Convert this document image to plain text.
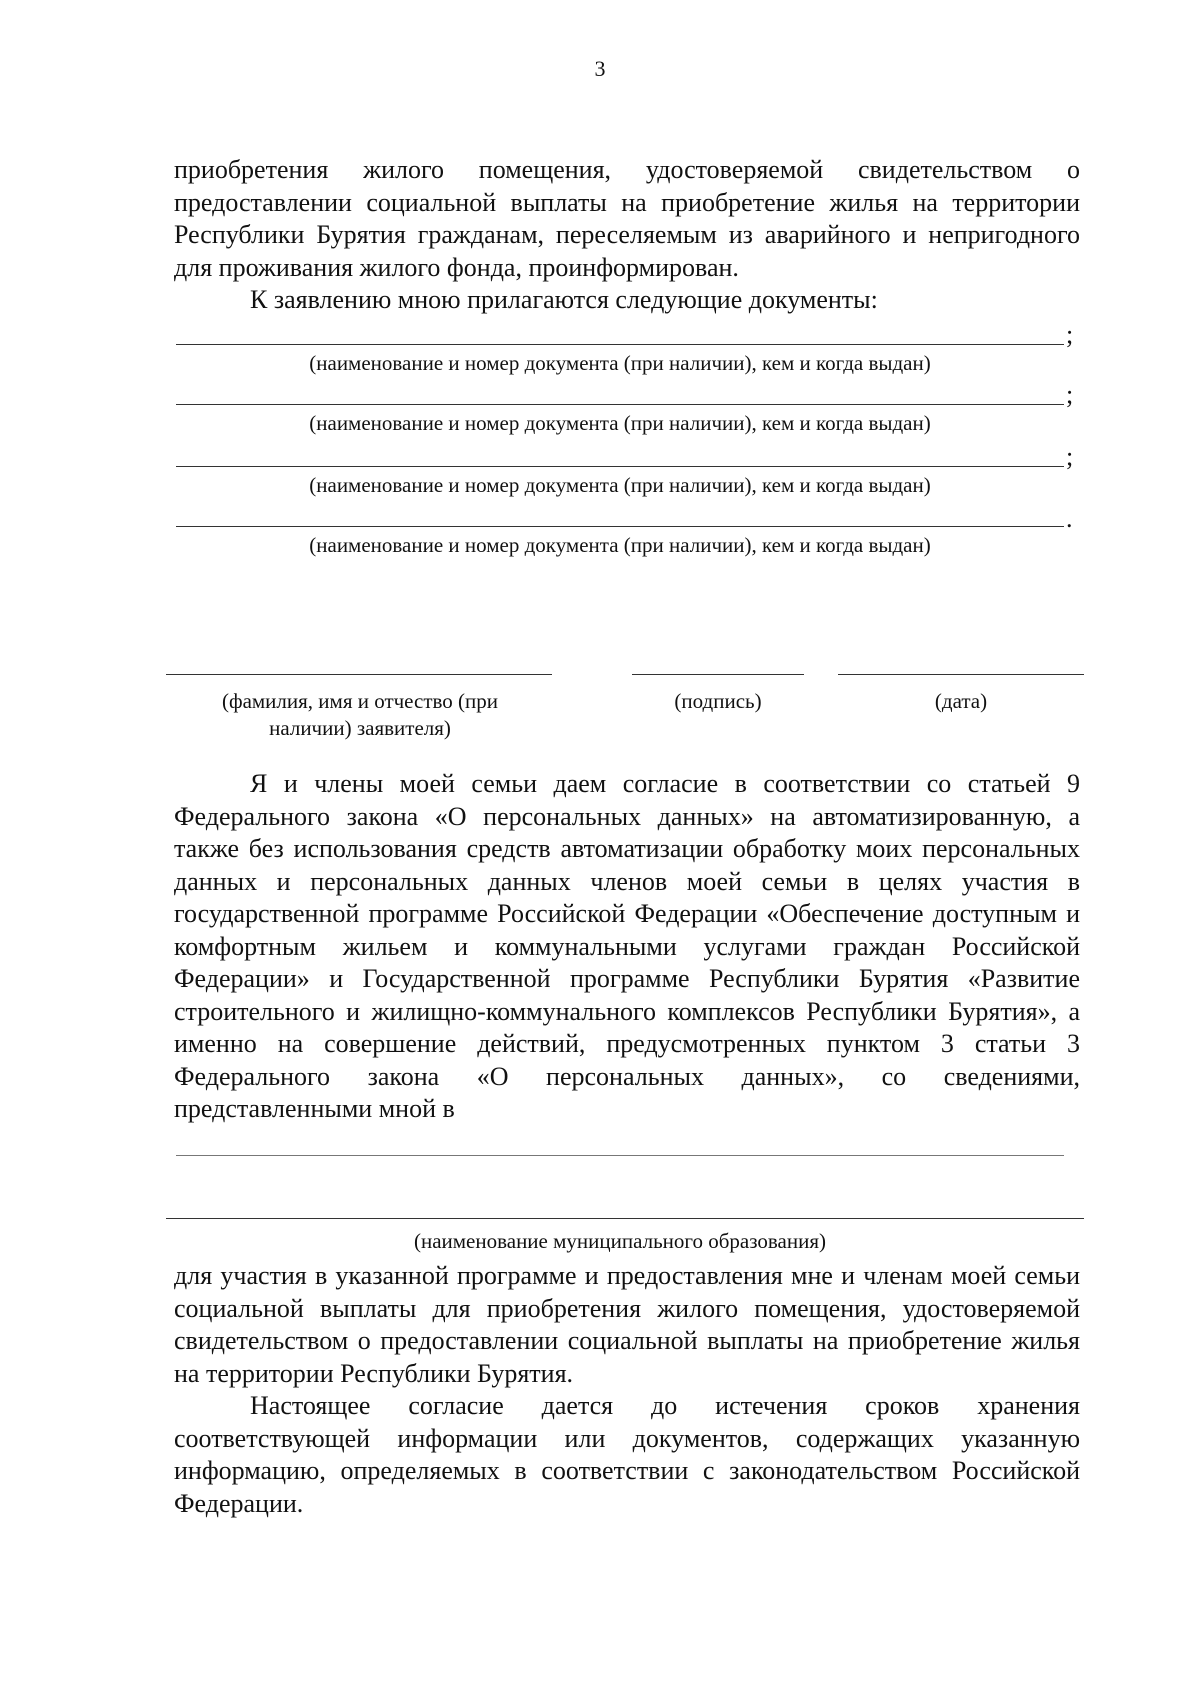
3

приобретения жилого помещения, удостоверяемой свидетельством о предоставлении социальной выплаты на приобретение жилья на территории Республики Бурятия гражданам, переселяемым из аварийного и непригодного для проживания жилого фонда, проинформирован.

К заявлению мною прилагаются следующие документы:

;
(наименование и номер документа (при наличии), кем и когда выдан)
;
(наименование и номер документа (при наличии), кем и когда выдан)
;
(наименование и номер документа (при наличии), кем и когда выдан)
.
(наименование и номер документа (при наличии), кем и когда выдан)
(фамилия, имя и отчество (при наличии) заявителя)
(подпись)	(дата)

Я и члены моей семьи даем согласие в соответствии со статьей 9 Федерального закона «О персональных данных» на автоматизированную, а также без использования средств автоматизации обработку моих персональных данных и персональных данных членов моей семьи в целях участия в государственной программе Российской Федерации «Обеспечение доступным и комфортным жильем и коммунальными услугами граждан Российской Федерации» и Государственной программе Республики Бурятия «Развитие строительного и жилищно-коммунального комплексов Республики Бурятия», а именно на совершение действий, предусмотренных пунктом 3 статьи 3 Федерального закона «О персональных данных», со сведениями, представленными мной в

(наименование муниципального образования)

для участия в указанной программе и предоставления мне и членам моей семьи социальной выплаты для приобретения жилого помещения, удостоверяемой свидетельством о предоставлении социальной выплаты на приобретение жилья на территории Республики Бурятия.

Настоящее согласие дается до истечения сроков хранения соответствующей информации или документов, содержащих указанную информацию, определяемых в соответствии с законодательством Российской Федерации.
